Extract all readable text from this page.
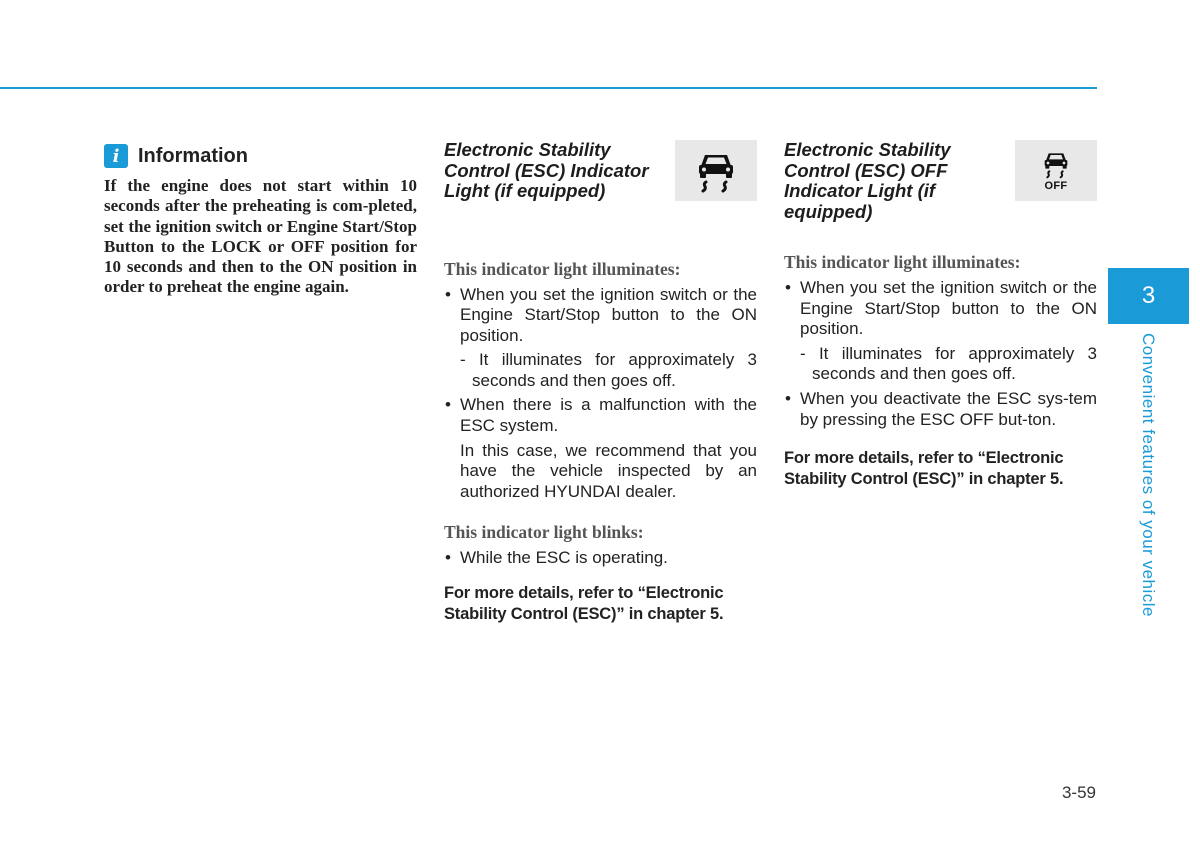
i Information

If the engine does not start within 10 seconds after the preheating is com-pleted, set the ignition switch or Engine Start/Stop Button to the LOCK or OFF position for 10 seconds and then to the ON position in order to preheat the engine again.

Electronic Stability Control (ESC) Indicator Light (if equipped)

This indicator light illuminates:

• When you set the ignition switch or the Engine Start/Stop button to the ON position.
- It illuminates for approximately 3 seconds and then goes off.
• When there is a malfunction with the ESC system.
In this case, we recommend that you have the vehicle inspected by an authorized HYUNDAI dealer.

This indicator light blinks:

• While the ESC is operating.

For more details, refer to “Electronic Stability Control (ESC)” in chapter 5.

Electronic Stability Control (ESC) OFF Indicator Light (if equipped)
OFF

This indicator light illuminates:

• When you set the ignition switch or the Engine Start/Stop button to the ON position.
- It illuminates for approximately 3 seconds and then goes off.
• When you deactivate the ESC sys-tem by pressing the ESC OFF but-ton.

For more details, refer to “Electronic Stability Control (ESC)” in chapter 5.

3
Convenient features of your vehicle
3-59
